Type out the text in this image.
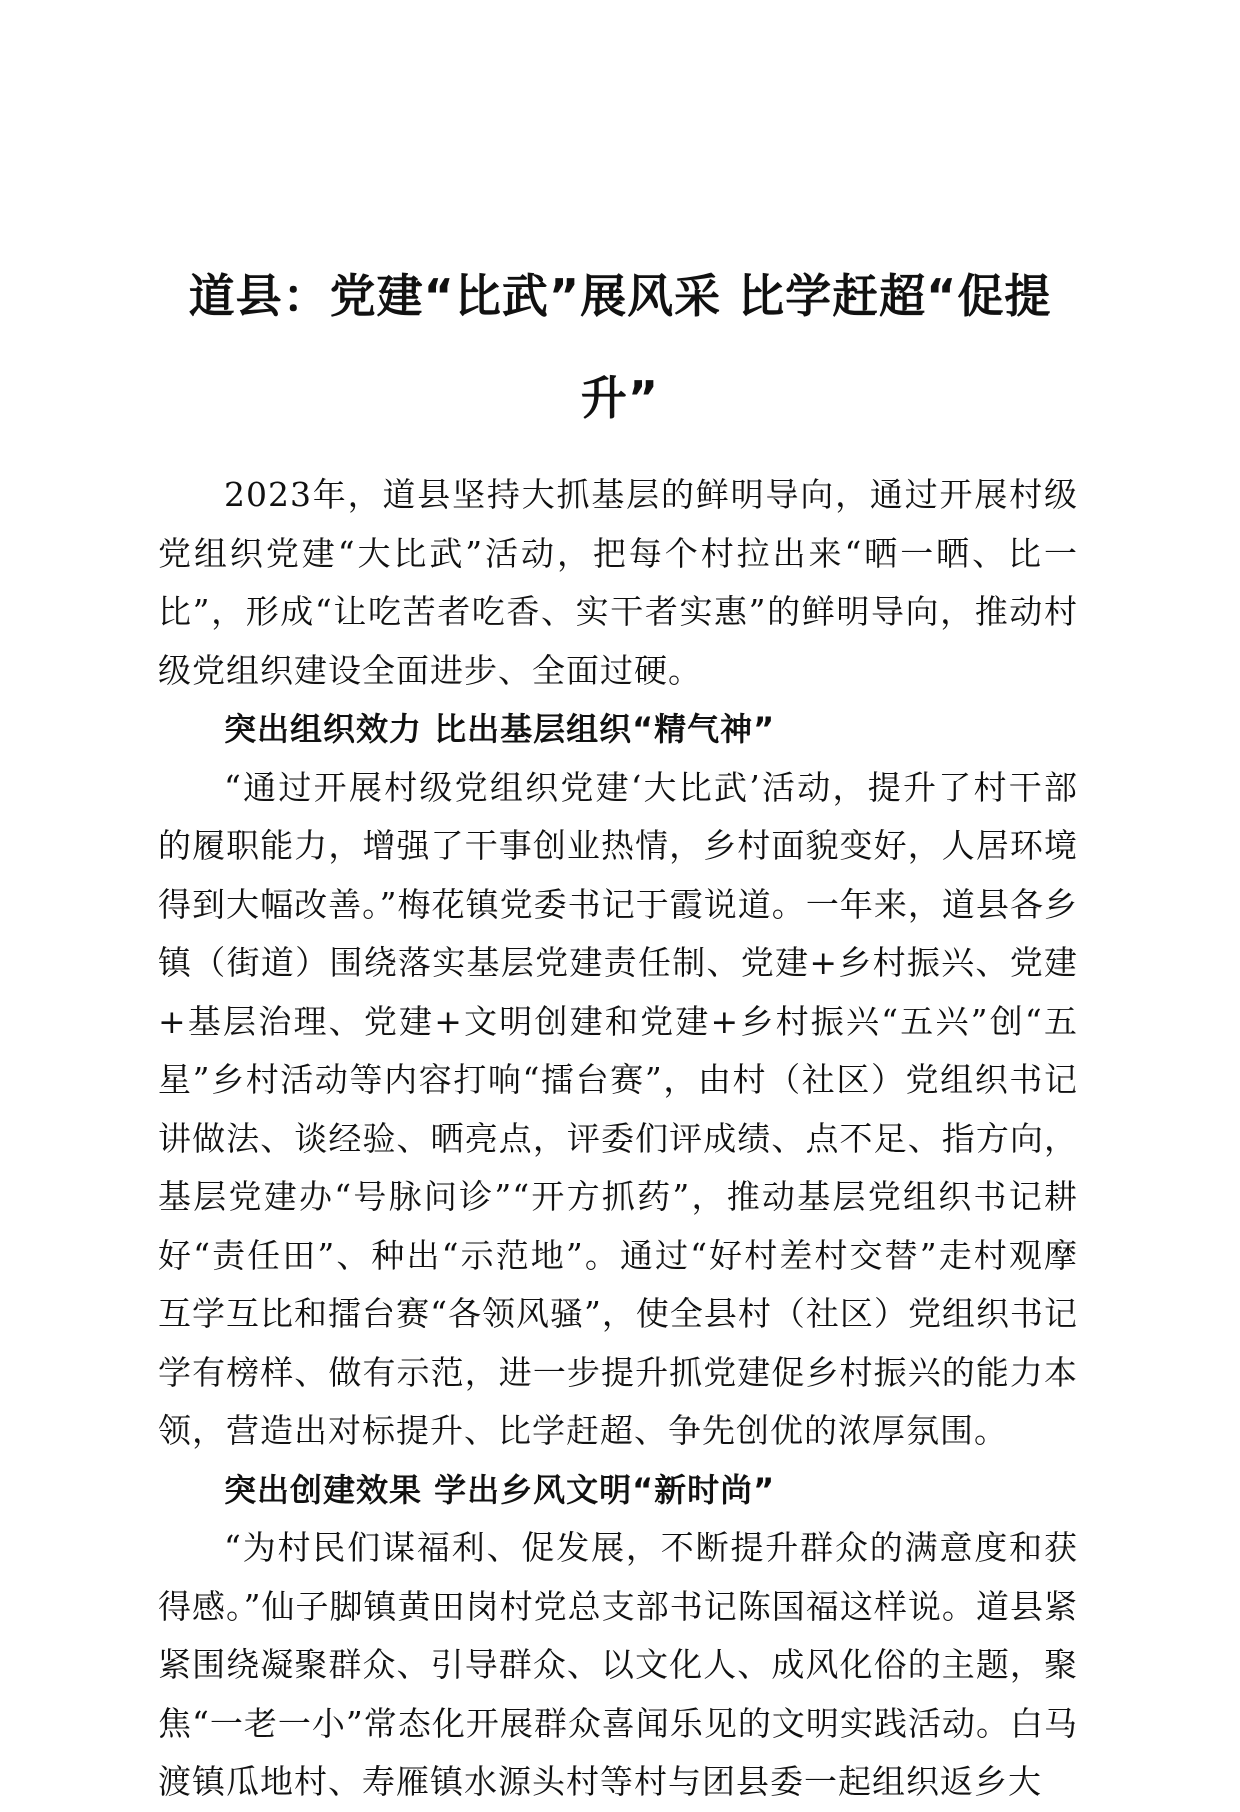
道县：党建“比武”展风采 比学赶超“促提升”

2023年，道县坚持大抓基层的鲜明导向，通过开展村级党组织党建“大比武”活动，把每个村拉出来“晒一晒、比一比”，形成“让吃苦者吃香、实干者实惠”的鲜明导向，推动村级党组织建设全面进步、全面过硬。

突出组织效力 比出基层组织“精气神”

“通过开展村级党组织党建‘大比武’活动，提升了村干部的履职能力，增强了干事创业热情，乡村面貌变好，人居环境得到大幅改善。”梅花镇党委书记于霞说道。一年来，道县各乡镇（街道）围绕落实基层党建责任制、党建+乡村振兴、党建+基层治理、党建+文明创建和党建+乡村振兴“五兴”创“五星”乡村活动等内容打响“擂台赛”，由村（社区）党组织书记讲做法、谈经验、晒亮点，评委们评成绩、点不足、指方向，基层党建办“号脉问诊”“开方抓药”，推动基层党组织书记耕好“责任田”、种出“示范地”。通过“好村差村交替”走村观摩互学互比和擂台赛“各领风骚”，使全县村（社区）党组织书记学有榜样、做有示范，进一步提升抓党建促乡村振兴的能力本领，营造出对标提升、比学赶超、争先创优的浓厚氛围。

突出创建效果 学出乡风文明“新时尚”

“为村民们谋福利、促发展，不断提升群众的满意度和获得感。”仙子脚镇黄田岗村党总支部书记陈国福这样说。道县紧紧围绕凝聚群众、引导群众、以文化人、成风化俗的主题，聚焦“一老一小”常态化开展群众喜闻乐见的文明实践活动。白马渡镇瓜地村、寿雁镇水源头村等村与团县委一起组织返乡大
